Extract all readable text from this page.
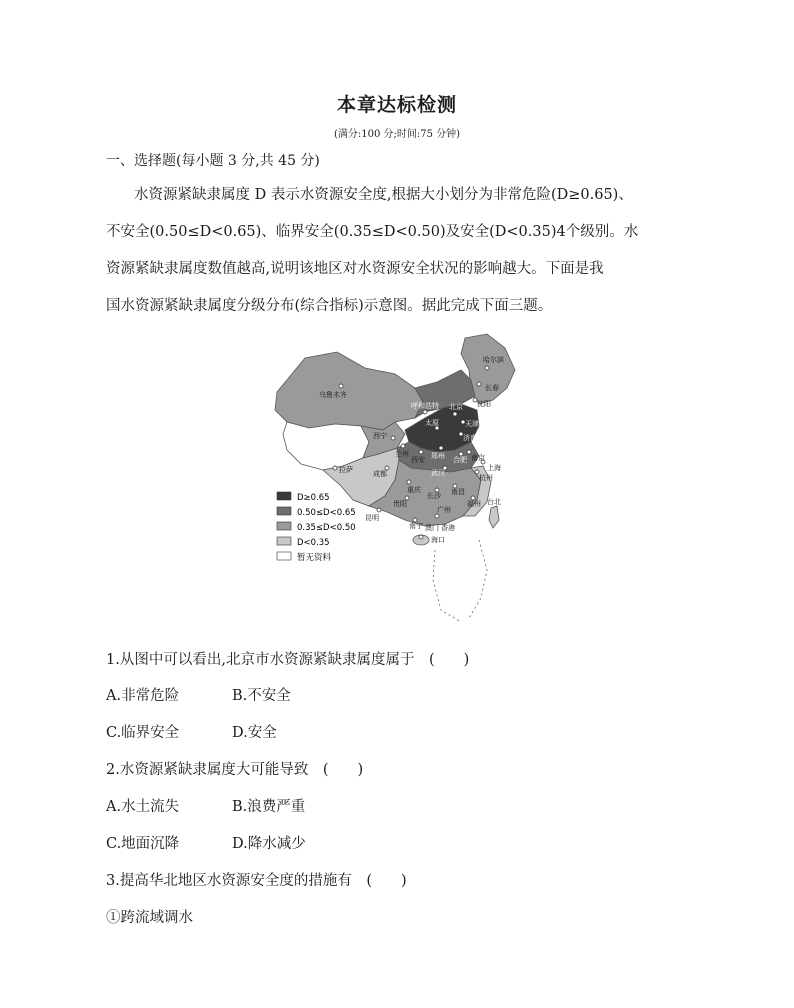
本章达标检测
(满分:100 分;时间:75 分钟)
一、选择题(每小题 3 分,共 45 分)
水资源紧缺隶属度 D 表示水资源安全度,根据大小划分为非常危险(D≥0.65)、
不安全(0.50≤D<0.65)、临界安全(0.35≤D<0.50)及安全(D<0.35)4个级别。水
资源紧缺隶属度数值越高,说明该地区对水资源安全状况的影响越大。下面是我
国水资源紧缺隶属度分级分布(综合指标)示意图。据此完成下面三题。
乌鲁木齐
哈尔滨
长春
呼和浩特 北京
天津
沈阳
西宁
兰州
太原
济南
西安 郑州 合肥 南京
上海
拉萨	成都	武汉
重庆
杭州
贵阳
长沙 南昌
福州 台北
昆明
广州
南宁 澳门 香港
海口
D≥0.65
0.50≤D<0.65
0.35≤D<0.50
D<0.35
暂无资料
1.从图中可以看出,北京市水资源紧缺隶属度属于　(　　)
A.非常危险	B.不安全
C.临界安全	D.安全
2.水资源紧缺隶属度大可能导致　(　　)
A.水土流失	B.浪费严重
C.地面沉降	D.降水减少
3.提高华北地区水资源安全度的措施有　(　　)
①跨流域调水
